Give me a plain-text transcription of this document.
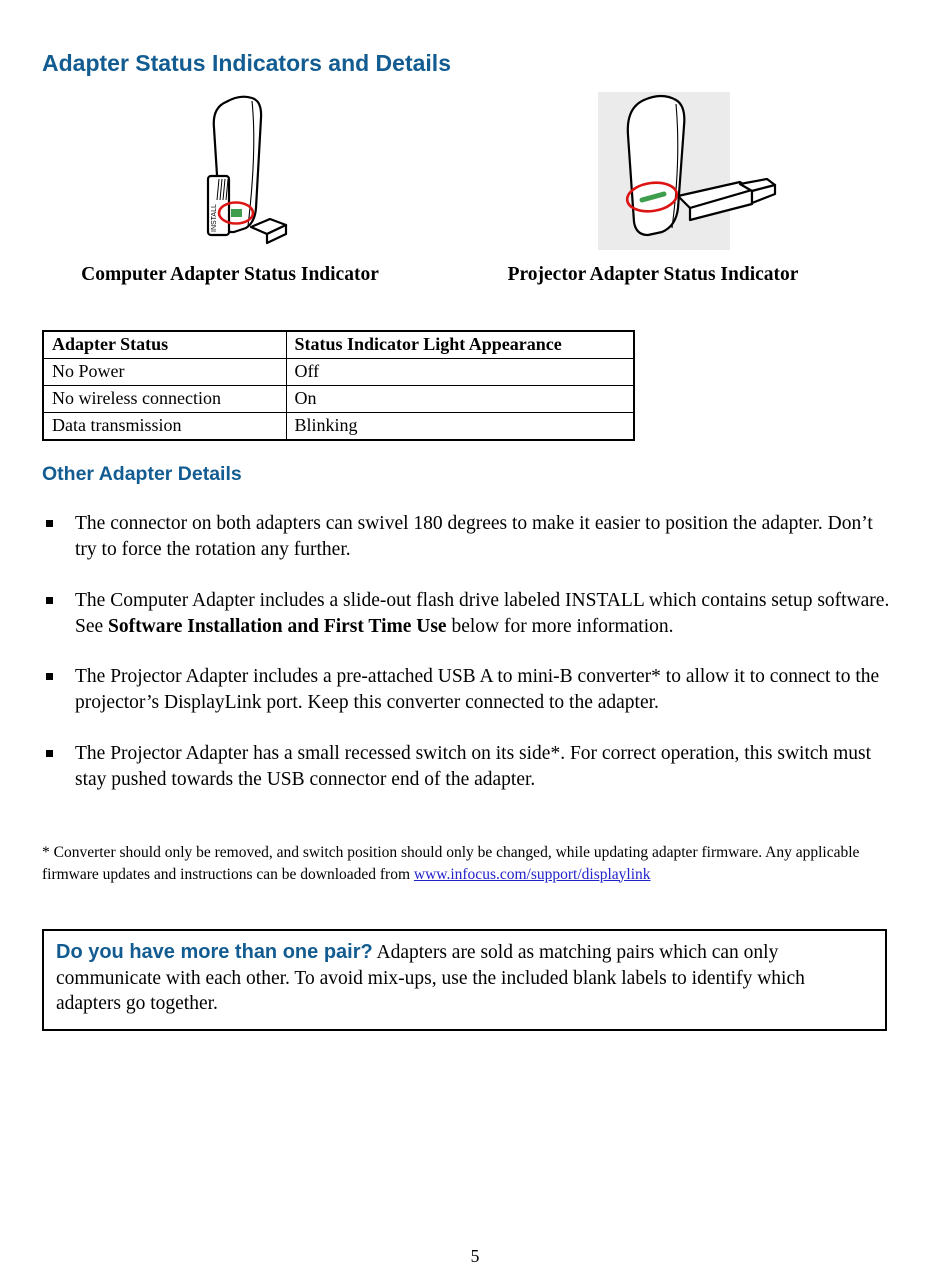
Adapter Status Indicators and Details
INSTALL
Computer Adapter Status Indicator	Projector Adapter Status Indicator
Adapter Status	Status Indicator Light Appearance
No Power	Off
No wireless connection	On
Data transmission	Blinking
Other Adapter Details
The connector on both adapters can swivel 180 degrees to make it easier to position the adapter. Don’t try to force the rotation any further.
The Computer Adapter includes a slide-out flash drive labeled INSTALL which contains setup software. See Software Installation and First Time Use below for more information.
The Projector Adapter includes a pre-attached USB A to mini-B converter* to allow it to connect to the projector’s DisplayLink port. Keep this converter connected to the adapter.
The Projector Adapter has a small recessed switch on its side*. For correct operation, this switch must stay pushed towards the USB connector end of the adapter.
* Converter should only be removed, and switch position should only be changed, while updating adapter firmware. Any applicable firmware updates and instructions can be downloaded from www.infocus.com/support/displaylink
Do you have more than one pair? Adapters are sold as matching pairs which can only communicate with each other. To avoid mix-ups, use the included blank labels to identify which adapters go together.
5
